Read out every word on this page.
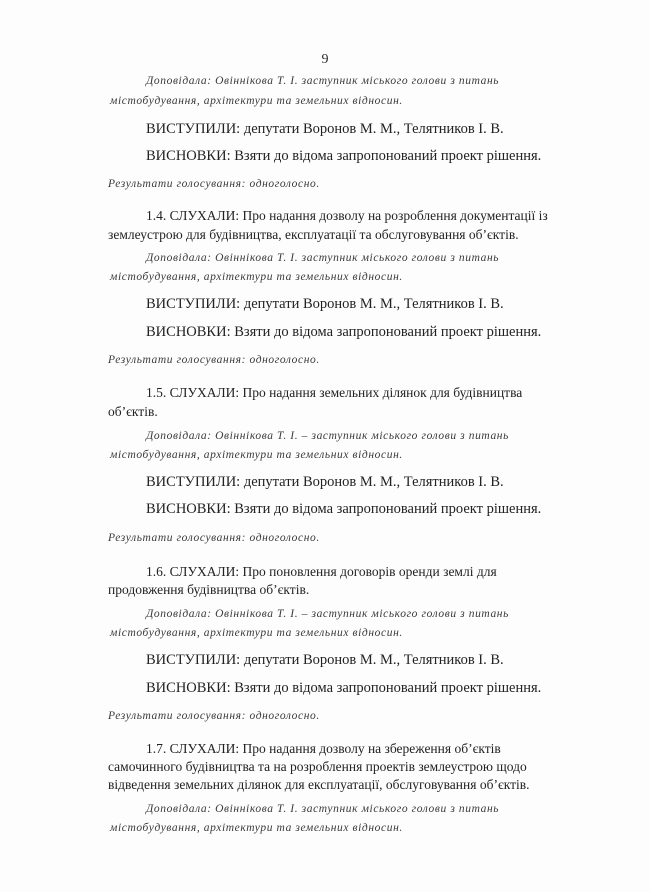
9
Доповідала: Овіннікова Т. І. заступник міського голови з питань
містобудування, архітектури та земельних відносин.
ВИСТУПИЛИ: депутати Воронов М. М., Телятников І. В.
ВИСНОВКИ: Взяти до відома запропонований проект рішення.
Результати голосування: одноголосно.
1.4. СЛУХАЛИ: Про надання дозволу на розроблення документації із
землеустрою для будівництва, експлуатації та обслуговування об’єктів.
Доповідала: Овіннікова Т. І. заступник міського голови з питань
містобудування, архітектури та земельних відносин.
ВИСТУПИЛИ: депутати Воронов М. М., Телятников І. В.
ВИСНОВКИ: Взяти до відома запропонований проект рішення.
Результати голосування: одноголосно.
1.5. СЛУХАЛИ: Про надання земельних ділянок для будівництва
об’єктів.
Доповідала: Овіннікова Т. І. – заступник міського голови з питань
містобудування, архітектури та земельних відносин.
ВИСТУПИЛИ: депутати Воронов М. М., Телятников І. В.
ВИСНОВКИ: Взяти до відома запропонований проект рішення.
Результати голосування: одноголосно.
1.6. СЛУХАЛИ: Про поновлення договорів оренди землі для
продовження будівництва об’єктів.
Доповідала: Овіннікова Т. І. – заступник міського голови з питань
містобудування, архітектури та земельних відносин.
ВИСТУПИЛИ: депутати Воронов М. М., Телятников І. В.
ВИСНОВКИ: Взяти до відома запропонований проект рішення.
Результати голосування: одноголосно.
1.7. СЛУХАЛИ: Про надання дозволу на збереження об’єктів
самочинного будівництва та на розроблення проектів землеустрою щодо
відведення земельних ділянок для експлуатації, обслуговування об’єктів.
Доповідала: Овіннікова Т. І. заступник міського голови з питань
містобудування, архітектури та земельних відносин.
